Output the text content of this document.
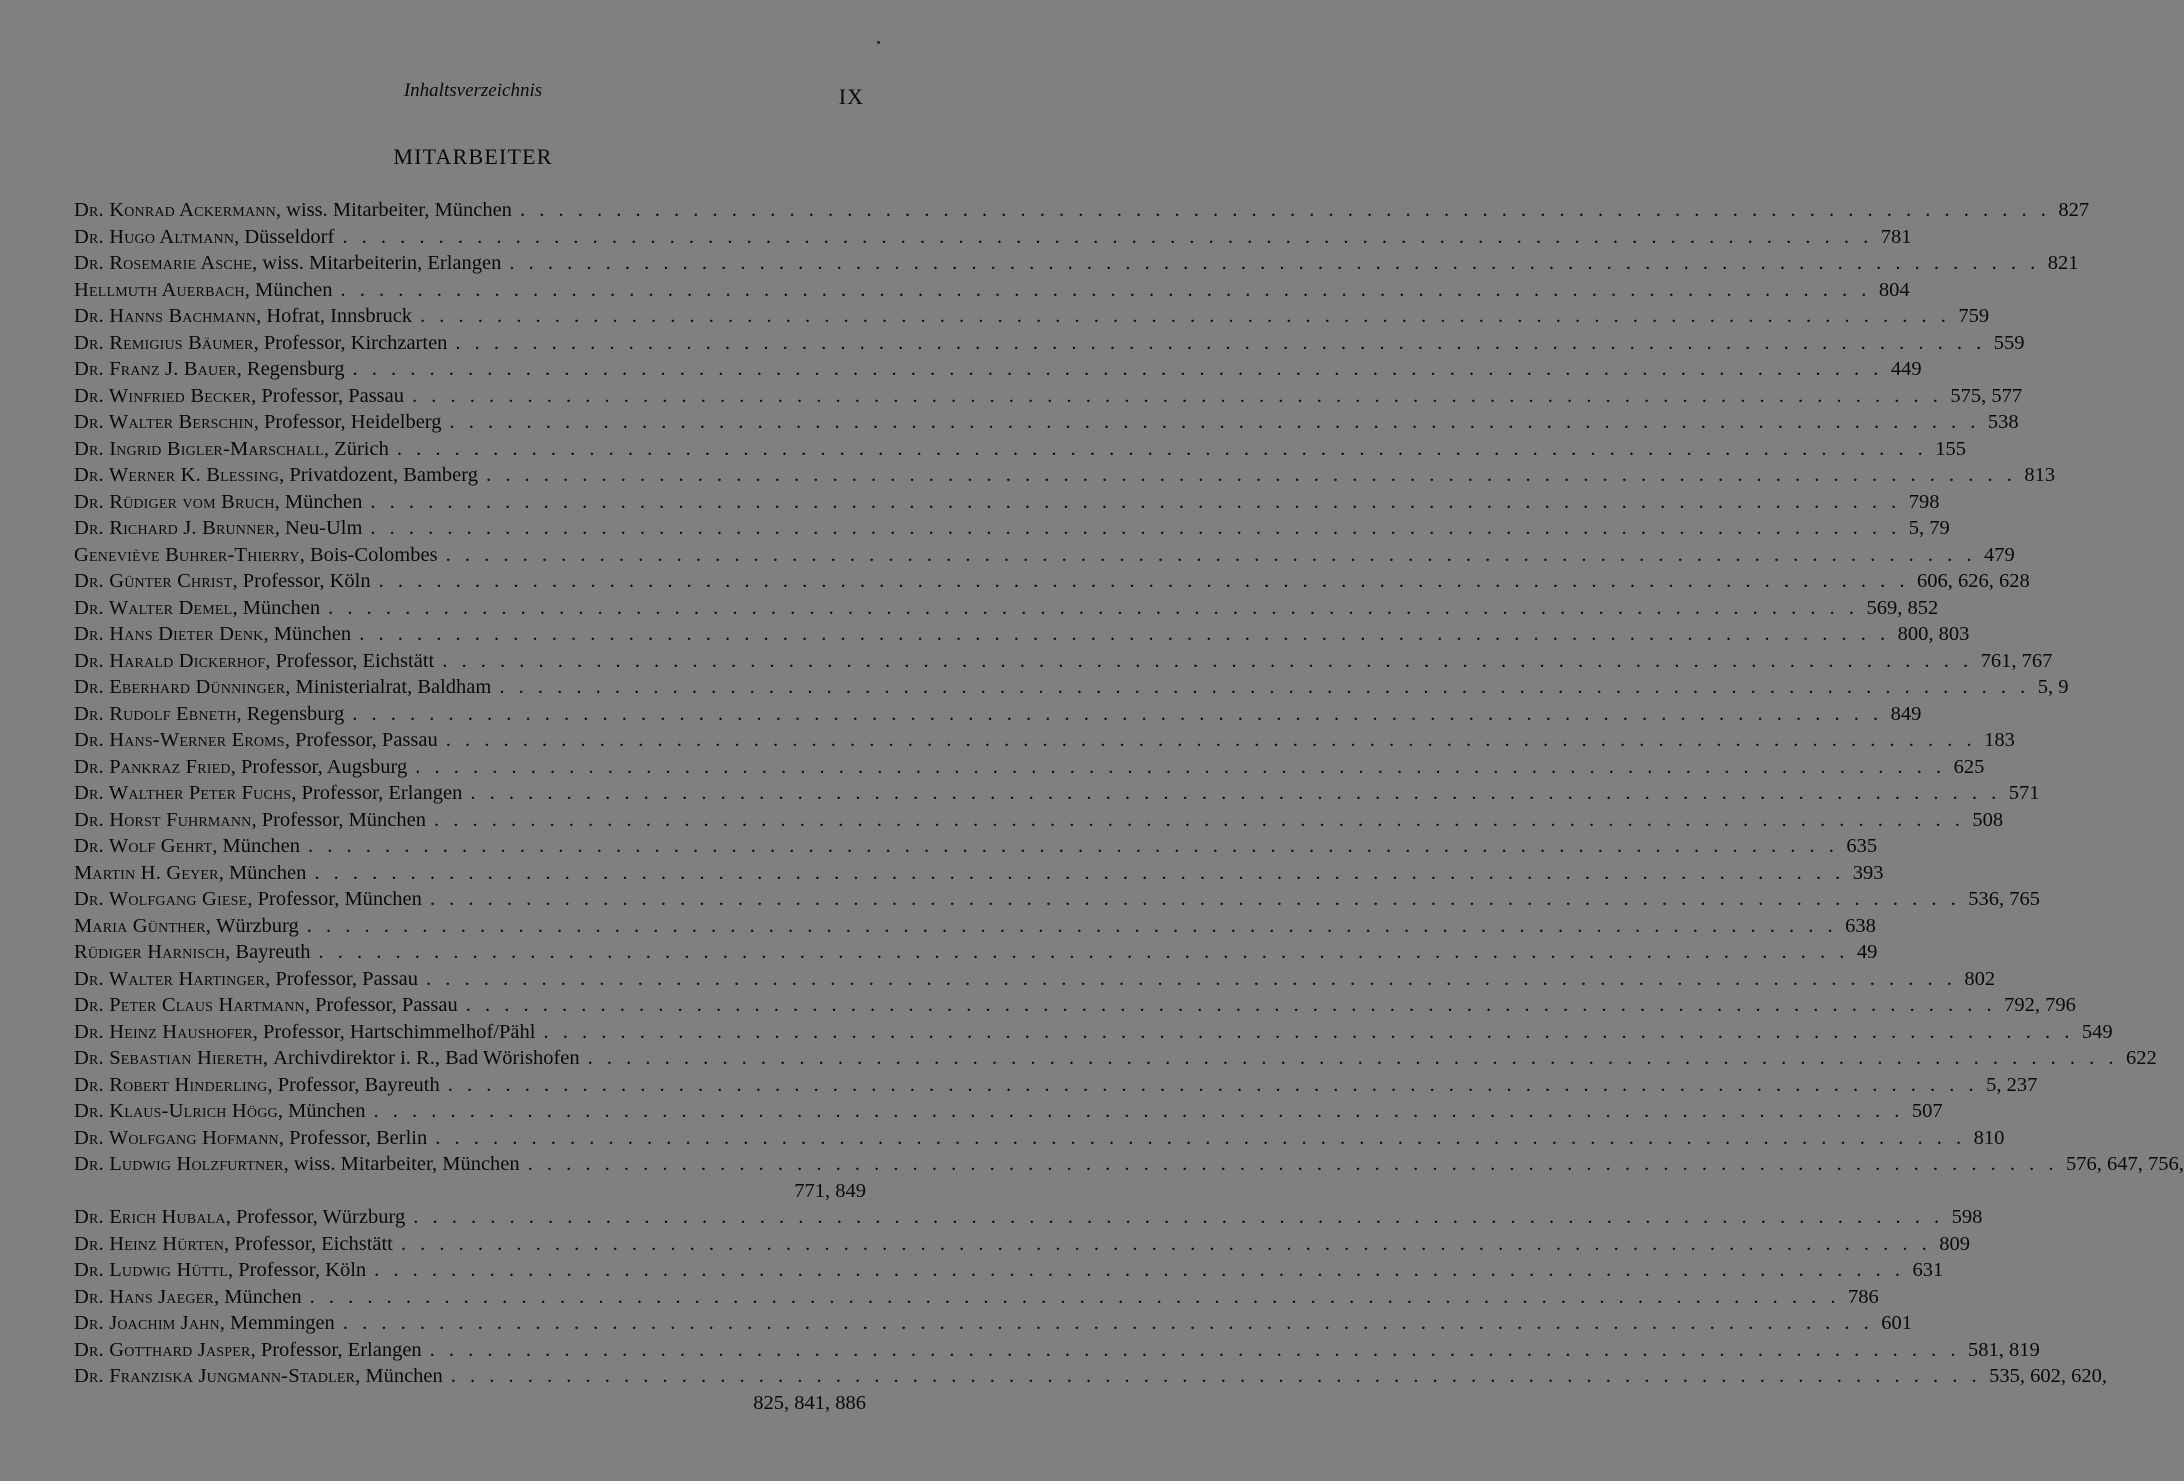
Inhaltsverzeichnis	IX
MITARBEITER
Dr. Konrad Ackermann , wiss. Mitarbeiter, München . . . . . . . . . . . . . . . . . . . . . . . . . . . . . . . . . . . . . . . . . . . . . . . . . . . . . . . . . . . . . . . . . . . . . . . . . . . . . . . . 827
Dr. Hugo Altmann , Düsseldorf . . . . . . . . . . . . . . . . . . . . . . . . . . . . . . . . . . . . . . . . . . . . . . . . . . . . . . . . . . . . . . . . . . . . . . . . . . . . . . . . 781
Dr. Rosemarie Asche , wiss. Mitarbeiterin, Erlangen . . . . . . . . . . . . . . . . . . . . . . . . . . . . . . . . . . . . . . . . . . . . . . . . . . . . . . . . . . . . . . . . . . . . . . . . . . . . . . . . 821
Hellmuth Auerbach , München . . . . . . . . . . . . . . . . . . . . . . . . . . . . . . . . . . . . . . . . . . . . . . . . . . . . . . . . . . . . . . . . . . . . . . . . . . . . . . . . 804
Dr. Hanns Bachmann , Hofrat, Innsbruck . . . . . . . . . . . . . . . . . . . . . . . . . . . . . . . . . . . . . . . . . . . . . . . . . . . . . . . . . . . . . . . . . . . . . . . . . . . . . . . . 759
Dr. Remigius Bäumer , Professor, Kirchzarten . . . . . . . . . . . . . . . . . . . . . . . . . . . . . . . . . . . . . . . . . . . . . . . . . . . . . . . . . . . . . . . . . . . . . . . . . . . . . . . . 559
Dr. Franz J. Bauer , Regensburg . . . . . . . . . . . . . . . . . . . . . . . . . . . . . . . . . . . . . . . . . . . . . . . . . . . . . . . . . . . . . . . . . . . . . . . . . . . . . . . . 449
Dr. Winfried Becker , Professor, Passau . . . . . . . . . . . . . . . . . . . . . . . . . . . . . . . . . . . . . . . . . . . . . . . . . . . . . . . . . . . . . . . . . . . . . . . . . . . . . . . . 575, 577
Dr. Walter Berschin , Professor, Heidelberg . . . . . . . . . . . . . . . . . . . . . . . . . . . . . . . . . . . . . . . . . . . . . . . . . . . . . . . . . . . . . . . . . . . . . . . . . . . . . . . . 538
Dr. Ingrid Bigler-Marschall , Zürich . . . . . . . . . . . . . . . . . . . . . . . . . . . . . . . . . . . . . . . . . . . . . . . . . . . . . . . . . . . . . . . . . . . . . . . . . . . . . . . . 155
Dr. Werner K. Blessing , Privatdozent, Bamberg . . . . . . . . . . . . . . . . . . . . . . . . . . . . . . . . . . . . . . . . . . . . . . . . . . . . . . . . . . . . . . . . . . . . . . . . . . . . . . . . 813
Dr. Rüdiger vom Bruch , München . . . . . . . . . . . . . . . . . . . . . . . . . . . . . . . . . . . . . . . . . . . . . . . . . . . . . . . . . . . . . . . . . . . . . . . . . . . . . . . . 798
Dr. Richard J. Brunner , Neu-Ulm . . . . . . . . . . . . . . . . . . . . . . . . . . . . . . . . . . . . . . . . . . . . . . . . . . . . . . . . . . . . . . . . . . . . . . . . . . . . . . . . 5, 79
Geneviève Buhrer-Thierry , Bois-Colombes . . . . . . . . . . . . . . . . . . . . . . . . . . . . . . . . . . . . . . . . . . . . . . . . . . . . . . . . . . . . . . . . . . . . . . . . . . . . . . . . 479
Dr. Günter Christ , Professor, Köln . . . . . . . . . . . . . . . . . . . . . . . . . . . . . . . . . . . . . . . . . . . . . . . . . . . . . . . . . . . . . . . . . . . . . . . . . . . . . . . . 606, 626, 628
Dr. Walter Demel , München . . . . . . . . . . . . . . . . . . . . . . . . . . . . . . . . . . . . . . . . . . . . . . . . . . . . . . . . . . . . . . . . . . . . . . . . . . . . . . . . 569, 852
Dr. Hans Dieter Denk , München . . . . . . . . . . . . . . . . . . . . . . . . . . . . . . . . . . . . . . . . . . . . . . . . . . . . . . . . . . . . . . . . . . . . . . . . . . . . . . . . 800, 803
Dr. Harald Dickerhof , Professor, Eichstätt . . . . . . . . . . . . . . . . . . . . . . . . . . . . . . . . . . . . . . . . . . . . . . . . . . . . . . . . . . . . . . . . . . . . . . . . . . . . . . . . 761, 767
Dr. Eberhard Dünninger , Ministerialrat, Baldham . . . . . . . . . . . . . . . . . . . . . . . . . . . . . . . . . . . . . . . . . . . . . . . . . . . . . . . . . . . . . . . . . . . . . . . . . . . . . . . . 5, 9
Dr. Rudolf Ebneth , Regensburg . . . . . . . . . . . . . . . . . . . . . . . . . . . . . . . . . . . . . . . . . . . . . . . . . . . . . . . . . . . . . . . . . . . . . . . . . . . . . . . . 849
Dr. Hans-Werner Eroms , Professor, Passau . . . . . . . . . . . . . . . . . . . . . . . . . . . . . . . . . . . . . . . . . . . . . . . . . . . . . . . . . . . . . . . . . . . . . . . . . . . . . . . . 183
Dr. Pankraz Fried , Professor, Augsburg . . . . . . . . . . . . . . . . . . . . . . . . . . . . . . . . . . . . . . . . . . . . . . . . . . . . . . . . . . . . . . . . . . . . . . . . . . . . . . . . 625
Dr. Walther Peter Fuchs , Professor, Erlangen . . . . . . . . . . . . . . . . . . . . . . . . . . . . . . . . . . . . . . . . . . . . . . . . . . . . . . . . . . . . . . . . . . . . . . . . . . . . . . . . 571
Dr. Horst Fuhrmann , Professor, München . . . . . . . . . . . . . . . . . . . . . . . . . . . . . . . . . . . . . . . . . . . . . . . . . . . . . . . . . . . . . . . . . . . . . . . . . . . . . . . . 508
Dr. Wolf Gehrt , München . . . . . . . . . . . . . . . . . . . . . . . . . . . . . . . . . . . . . . . . . . . . . . . . . . . . . . . . . . . . . . . . . . . . . . . . . . . . . . . . 635
Martin H. Geyer , München . . . . . . . . . . . . . . . . . . . . . . . . . . . . . . . . . . . . . . . . . . . . . . . . . . . . . . . . . . . . . . . . . . . . . . . . . . . . . . . . 393
Dr. Wolfgang Giese , Professor, München . . . . . . . . . . . . . . . . . . . . . . . . . . . . . . . . . . . . . . . . . . . . . . . . . . . . . . . . . . . . . . . . . . . . . . . . . . . . . . . . 536, 765
Maria Günther , Würzburg . . . . . . . . . . . . . . . . . . . . . . . . . . . . . . . . . . . . . . . . . . . . . . . . . . . . . . . . . . . . . . . . . . . . . . . . . . . . . . . . 638
Rüdiger Harnisch , Bayreuth . . . . . . . . . . . . . . . . . . . . . . . . . . . . . . . . . . . . . . . . . . . . . . . . . . . . . . . . . . . . . . . . . . . . . . . . . . . . . . . . 49
Dr. Walter Hartinger , Professor, Passau . . . . . . . . . . . . . . . . . . . . . . . . . . . . . . . . . . . . . . . . . . . . . . . . . . . . . . . . . . . . . . . . . . . . . . . . . . . . . . . . 802
Dr. Peter Claus Hartmann , Professor, Passau . . . . . . . . . . . . . . . . . . . . . . . . . . . . . . . . . . . . . . . . . . . . . . . . . . . . . . . . . . . . . . . . . . . . . . . . . . . . . . . . 792, 796
Dr. Heinz Haushofer , Professor, Hartschimmelhof/Pähl . . . . . . . . . . . . . . . . . . . . . . . . . . . . . . . . . . . . . . . . . . . . . . . . . . . . . . . . . . . . . . . . . . . . . . . . . . . . . . . . 549
Dr. Sebastian Hiereth , Archivdirektor i. R., Bad Wörishofen . . . . . . . . . . . . . . . . . . . . . . . . . . . . . . . . . . . . . . . . . . . . . . . . . . . . . . . . . . . . . . . . . . . . . . . . . . . . . . . . 622
Dr. Robert Hinderling , Professor, Bayreuth . . . . . . . . . . . . . . . . . . . . . . . . . . . . . . . . . . . . . . . . . . . . . . . . . . . . . . . . . . . . . . . . . . . . . . . . . . . . . . . . 5, 237
Dr. Klaus-Ulrich Högg , München . . . . . . . . . . . . . . . . . . . . . . . . . . . . . . . . . . . . . . . . . . . . . . . . . . . . . . . . . . . . . . . . . . . . . . . . . . . . . . . . 507
Dr. Wolfgang Hofmann , Professor, Berlin . . . . . . . . . . . . . . . . . . . . . . . . . . . . . . . . . . . . . . . . . . . . . . . . . . . . . . . . . . . . . . . . . . . . . . . . . . . . . . . . 810
Dr. Ludwig Holzfurtner , wiss. Mitarbeiter, München . . . . . . . . . . . . . . . . . . . . . . . . . . . . . . . . . . . . . . . . . . . . . . . . . . . . . . . . . . . . . . . . . . . . . . . . . . . . . . . . 576, 647, 756,
771, 849
Dr. Erich Hubala , Professor, Würzburg . . . . . . . . . . . . . . . . . . . . . . . . . . . . . . . . . . . . . . . . . . . . . . . . . . . . . . . . . . . . . . . . . . . . . . . . . . . . . . . . 598
Dr. Heinz Hürten , Professor, Eichstätt . . . . . . . . . . . . . . . . . . . . . . . . . . . . . . . . . . . . . . . . . . . . . . . . . . . . . . . . . . . . . . . . . . . . . . . . . . . . . . . . 809
Dr. Ludwig Hüttl , Professor, Köln . . . . . . . . . . . . . . . . . . . . . . . . . . . . . . . . . . . . . . . . . . . . . . . . . . . . . . . . . . . . . . . . . . . . . . . . . . . . . . . . 631
Dr. Hans Jaeger , München . . . . . . . . . . . . . . . . . . . . . . . . . . . . . . . . . . . . . . . . . . . . . . . . . . . . . . . . . . . . . . . . . . . . . . . . . . . . . . . . 786
Dr. Joachim Jahn , Memmingen . . . . . . . . . . . . . . . . . . . . . . . . . . . . . . . . . . . . . . . . . . . . . . . . . . . . . . . . . . . . . . . . . . . . . . . . . . . . . . . . 601
Dr. Gotthard Jasper , Professor, Erlangen . . . . . . . . . . . . . . . . . . . . . . . . . . . . . . . . . . . . . . . . . . . . . . . . . . . . . . . . . . . . . . . . . . . . . . . . . . . . . . . . 581, 819
Dr. Franziska Jungmann-Stadler , München . . . . . . . . . . . . . . . . . . . . . . . . . . . . . . . . . . . . . . . . . . . . . . . . . . . . . . . . . . . . . . . . . . . . . . . . . . . . . . . . 535, 602, 620,
825, 841, 886
